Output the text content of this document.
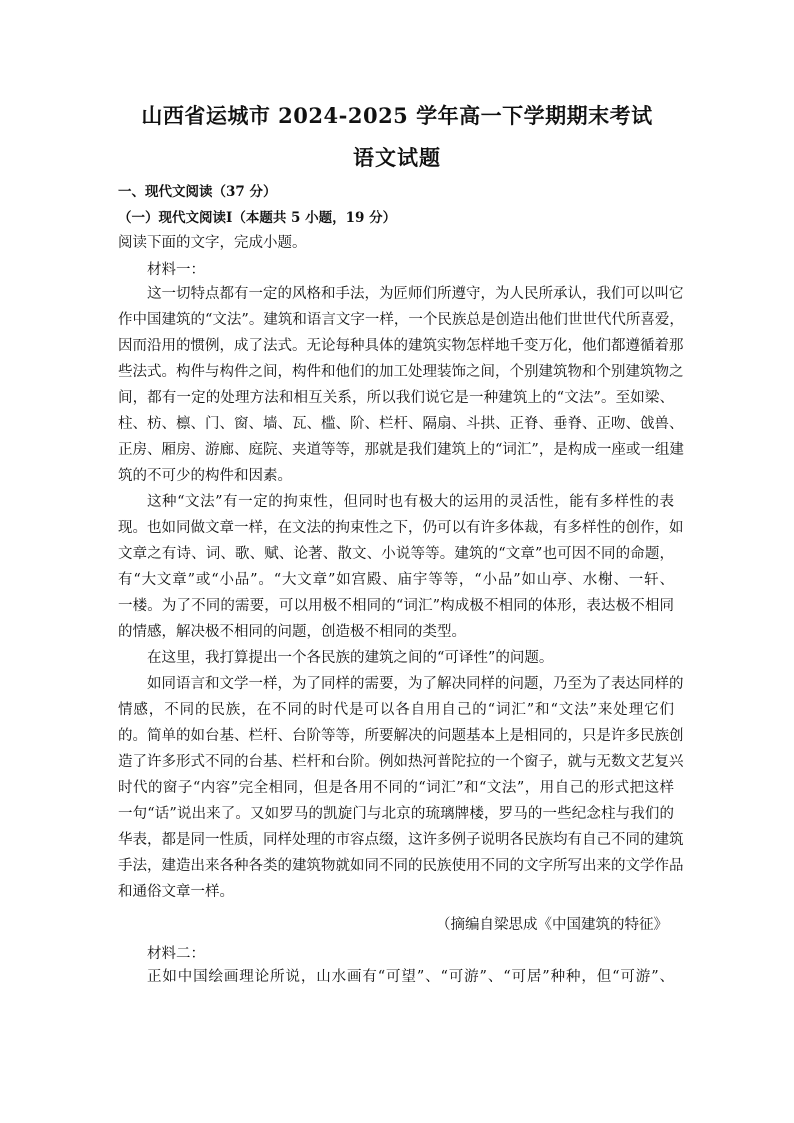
山西省运城市 2024-2025 学年高一下学期期末考试
语文试题
一、现代文阅读（37 分）
（一）现代文阅读Ⅰ（本题共 5 小题，19 分）
阅读下面的文字，完成小题。
材料一：
这一切特点都有一定的风格和手法，为匠师们所遵守，为人民所承认，我们可以叫它
作中国建筑的“文法”。建筑和语言文字一样，一个民族总是创造出他们世世代代所喜爱，
因而沿用的惯例，成了法式。无论每种具体的建筑实物怎样地千变万化，他们都遵循着那
些法式。构件与构件之间，构件和他们的加工处理装饰之间，个别建筑物和个别建筑物之
间，都有一定的处理方法和相互关系，所以我们说它是一种建筑上的“文法”。至如梁、
柱、枋、檩、门、窗、墙、瓦、槛、阶、栏杆、隔扇、斗拱、正脊、垂脊、正吻、戗兽、
正房、厢房、游廊、庭院、夹道等等，那就是我们建筑上的“词汇”，是构成一座或一组建
筑的不可少的构件和因素。
这种“文法”有一定的拘束性，但同时也有极大的运用的灵活性，能有多样性的表
现。也如同做文章一样，在文法的拘束性之下，仍可以有许多体裁，有多样性的创作，如
文章之有诗、词、歌、赋、论著、散文、小说等等。建筑的“文章”也可因不同的命题，
有“大文章”或“小品”。“大文章”如宫殿、庙宇等等，“小品”如山亭、水榭、一轩、
一楼。为了不同的需要，可以用极不相同的“词汇”构成极不相同的体形，表达极不相同
的情感，解决极不相同的问题，创造极不相同的类型。
在这里，我打算提出一个各民族的建筑之间的“可译性”的问题。
如同语言和文学一样，为了同样的需要，为了解决同样的问题，乃至为了表达同样的
情感，不同的民族，在不同的时代是可以各自用自己的“词汇”和“文法”来处理它们
的。简单的如台基、栏杆、台阶等等，所要解决的问题基本上是相同的，只是许多民族创
造了许多形式不同的台基、栏杆和台阶。例如热河普陀拉的一个窗子，就与无数文艺复兴
时代的窗子“内容”完全相同，但是各用不同的“词汇”和“文法”，用自己的形式把这样
一句“话”说出来了。又如罗马的凯旋门与北京的琉璃牌楼，罗马的一些纪念柱与我们的
华表，都是同一性质，同样处理的市容点缀，这许多例子说明各民族均有自己不同的建筑
手法，建造出来各种各类的建筑物就如同不同的民族使用不同的文字所写出来的文学作品
和通俗文章一样。
（摘编自梁思成《中国建筑的特征》
材料二：
正如中国绘画理论所说，山水画有“可望”、“可游”、“可居”种种，但“可游”、
